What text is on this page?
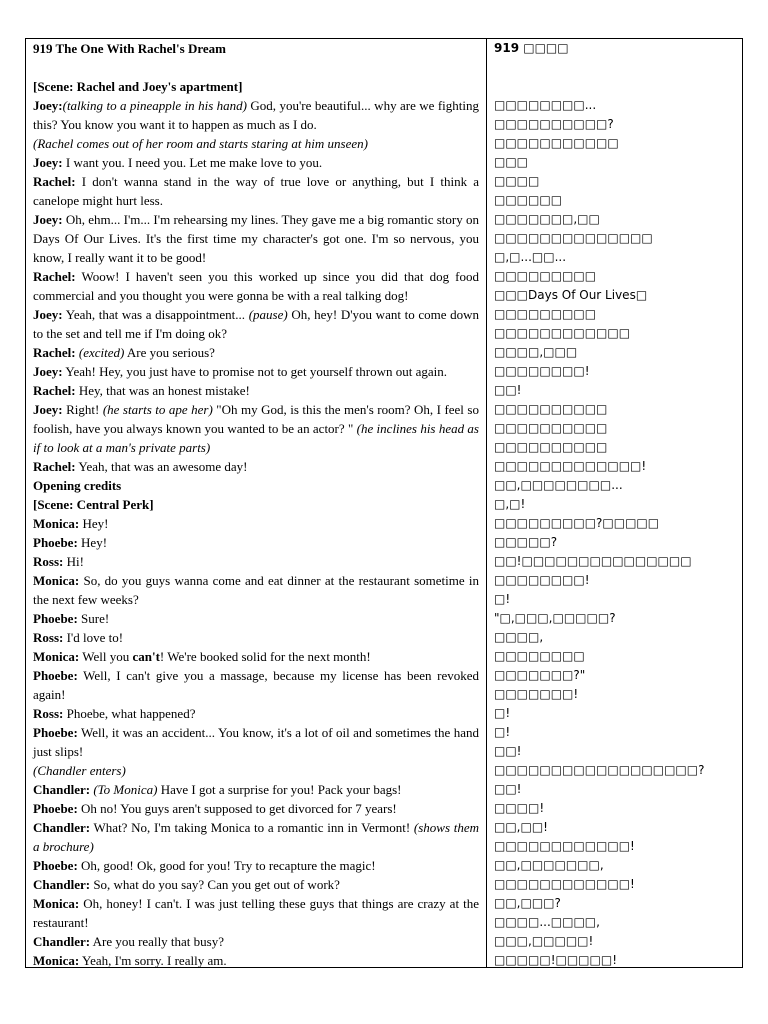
919 The One With Rachel's Dream
[Scene: Rachel and Joey's apartment]
Joey:(talking to a pineapple in his hand) God, you're beautiful... why are we fighting this? You know you want it to happen as much as I do.
(Rachel comes out of her room and starts staring at him unseen)
Joey: I want you. I need you. Let me make love to you.
Rachel: I don't wanna stand in the way of true love or anything, but I think a canelope might hurt less.
Joey: Oh, ehm... I'm... I'm rehearsing my lines. They gave me a big romantic story on Days Of Our Lives. It's the first time my character's got one. I'm so nervous, you know, I really want it to be good!
Rachel: Woow! I haven't seen you this worked up since you did that dog food commercial and you thought you were gonna be with a real talking dog!
Joey: Yeah, that was a disappointment... (pause) Oh, hey! D'you want to come down to the set and tell me if I'm doing ok?
Rachel: (excited) Are you serious?
Joey: Yeah! Hey, you just have to promise not to get yourself thrown out again.
Rachel: Hey, that was an honest mistake!
Joey: Right! (he starts to ape her) "Oh my God, is this the men's room? Oh, I feel so foolish, have you always known you wanted to be an actor? " (he inclines his head as if to look at a man's private parts)
Rachel: Yeah, that was an awesome day!
Opening credits
[Scene: Central Perk]
Monica: Hey!
Phoebe: Hey!
Ross: Hi!
Monica: So, do you guys wanna come and eat dinner at the restaurant sometime in the next few weeks?
Phoebe: Sure!
Ross: I'd love to!
Monica: Well you can't! We're booked solid for the next month!
Phoebe: Well, I can't give you a massage, because my license has been revoked again!
Ross: Phoebe, what happened?
Phoebe: Well, it was an accident... You know, it's a lot of oil and sometimes the hand just slips!
(Chandler enters)
Chandler: (To Monica) Have I got a surprise for you! Pack your bags!
Phoebe: Oh no! You guys aren't supposed to get divorced for 7 years!
Chandler: What? No, I'm taking Monica to a romantic inn in Vermont! (shows them a brochure)
Phoebe: Oh, good! Ok, good for you! Try to recapture the magic!
Chandler: So, what do you say? Can you get out of work?
Monica: Oh, honey! I can't. I was just telling these guys that things are crazy at the restaurant!
Chandler: Are you really that busy?
Monica: Yeah, I'm sorry. I really am.
919 □□□□
□□□□□□□□...
□□□□□□□□□□?
□□□□□□□□□□□
□□□
□□□□
□□□□□□
□□□□□□□,□□
□□□□□□□□□□□□□□
□,□...□□...
□□□□□□□□□
□□□Days Of Our Lives□
□□□□□□□□□
□□□□□□□□□□□□
□□□□,□□□
□□□□□□□□!
□□!
□□□□□□□□□□
□□□□□□□□□□
□□□□□□□□□□
□□□□□□□□□□□□□!
□□,□□□□□□□□...
□,□!
□□□□□□□□□?□□□□□
□□□□□?
□□!□□□□□□□□□□□□□□□
□□□□□□□□!
□!
"□,□□□,□□□□□?
□□□□,
□□□□□□□□
□□□□□□□?"
□□□□□□□!
□!
□!
□□!
□□□□□□□□□□□□□□□□□□?
□□!
□□□□!
□□,□□!
□□□□□□□□□□□□!
□□,□□□□□□□,
□□□□□□□□□□□□!
□□,□□□?
□□□□...□□□□,
□□□,□□□□□!
□□□□□!□□□□□!
